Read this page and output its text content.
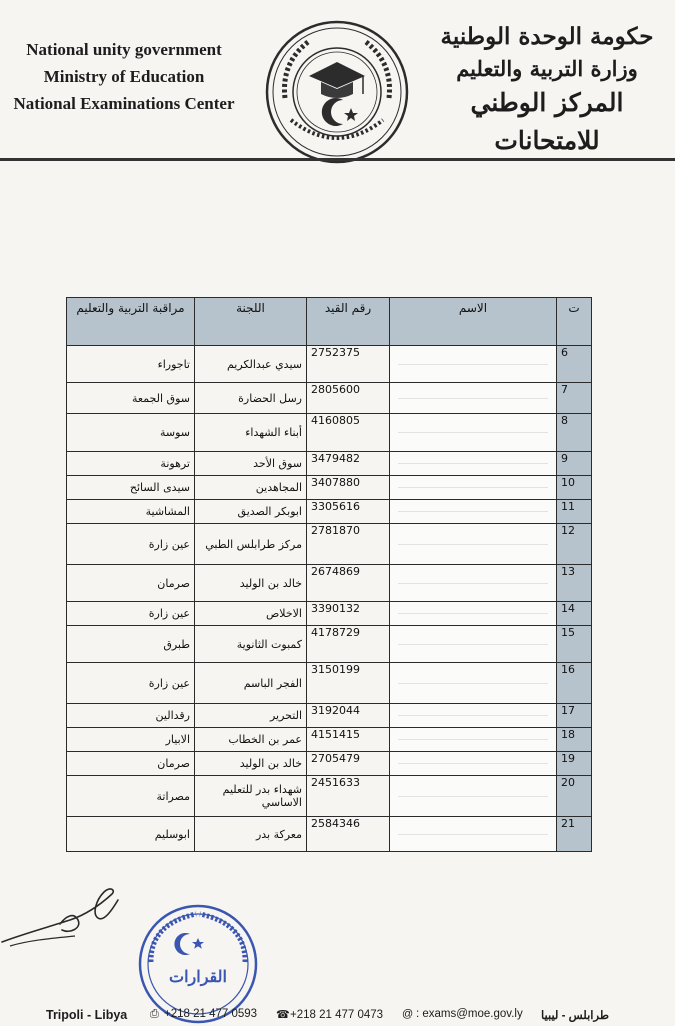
National unity government
Ministry of Education
National Examinations Center
حكومة الوحدة الوطنية
وزارة التربية والتعليم
المركز الوطني للامتحانات
مراقبة التربية والتعليم	اللجنة	رقم القيد	الاسم	ت
تاجوراء	سيدي عبدالكريم	2752375		6
سوق الجمعة	رسل الحضارة	2805600		7
سوسة	أبناء الشهداء	4160805		8
ترهونة	سوق الأحد	3479482		9
سيدى السائح	المجاهدين	3407880		10
المشاشية	ابوبكر الصديق	3305616		11
عين زارة	مركز طرابلس الطبي	2781870		12
صرمان	خالد بن الوليد	2674869		13
عين زارة	الاخلاص	3390132		14
طبرق	كمبوت الثانوية	4178729		15
عين زارة	الفجر الباسم	3150199		16
رقدالين	التحرير	3192044		17
الابيار	عمر بن الخطاب	4151415		18
صرمان	خالد بن الوليد	2705479		19
مصراتة	شهداء بدر للتعليم الاساسي	2451633		20
ابوسليم	معركة بدر	2584346		21
القرارات
Tripoli - Libya ⎙ +218 21 477 0593 ☎+218 21 477 0473 @ : exams@moe.gov.ly طرابلس - ليبيا
